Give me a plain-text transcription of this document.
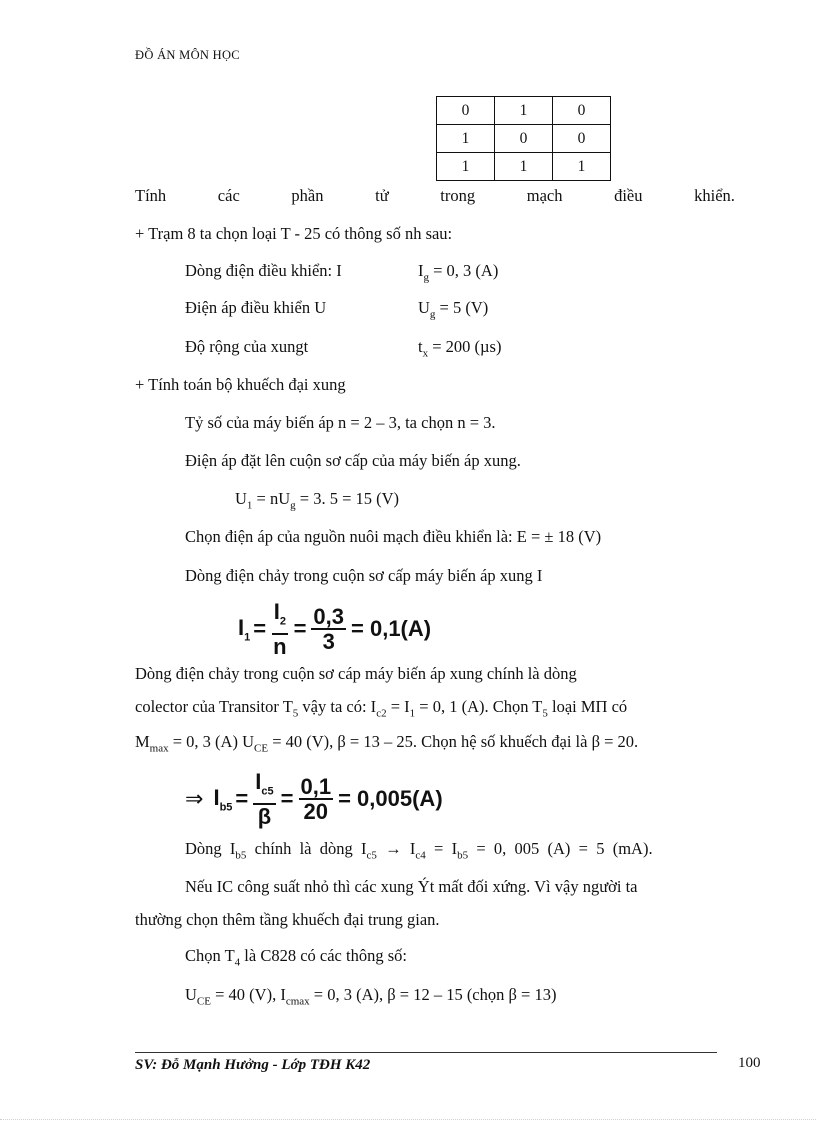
ĐỒ ÁN MÔN HỌC
0	1	0
1	0	0
1	1	1
Tính	các	phần	tử	trong	mạch	điều	khiển.
+ Trạm 8 ta chọn loại T - 25 có thông số nh sau:
Dòng điện điều khiển: I	$I_g = 0$, 3 (A)
Điện áp điều khiển U	$U_g = 5$ (V)
Độ rộng của xungt	$t_x = 200$ (µs)
+ Tính toán bộ khuếch đại xung
Tỷ số của máy biến áp n = 2 – 3, ta chọn n = 3.
Điện áp đặt lên cuộn sơ cấp của máy biến áp xung.
$U_1 = nU_g = 3$. 5 = 15 (V)
Chọn điện áp của nguồn nuôi mạch điều khiển là: E = ± 18 (V)
Dòng điện chảy trong cuộn sơ cấp máy biến áp xung I
$I_1 = \frac{I_2}{n} = \frac{0,3}{3} = 0,1(A)$
Dòng điện chảy trong cuộn sơ cáp máy biến áp xung chính là dòng
colector của Transitor $T_5$ vậy ta có: $I_{c2} = I_1 = 0$, 1 (A). Chọn $T_5$ loại MΠ có
$M_{max} = 0$, 3 (A) $U_{CE} = 40$ (V), β = 13 – 25. Chọn hệ số khuếch đại là β = 20.
⇒ $I_{b5} = \frac{I_{c5}}{\beta} = \frac{0,1}{20} = 0,005(A)$
Dòng  $I_{b5}$  chính  là  dòng  $I_{c5} \to I_{c4} = I_{b5} = 0$,  005  (A)  =  5  (mA).
Nếu IC công suất nhỏ thì các xung Ýt mất đối xứng. Vì vậy người ta
thường chọn thêm tầng khuếch đại trung gian.
Chọn $T_4$ là C828 có các thông số:
$U_{CE} = 40$ (V), $I_{cmax} = 0$, 3 (A), β = 12 – 15 (chọn β = 13)
SV: Đỗ Mạnh Hưởng - Lớp TĐH K42	100
